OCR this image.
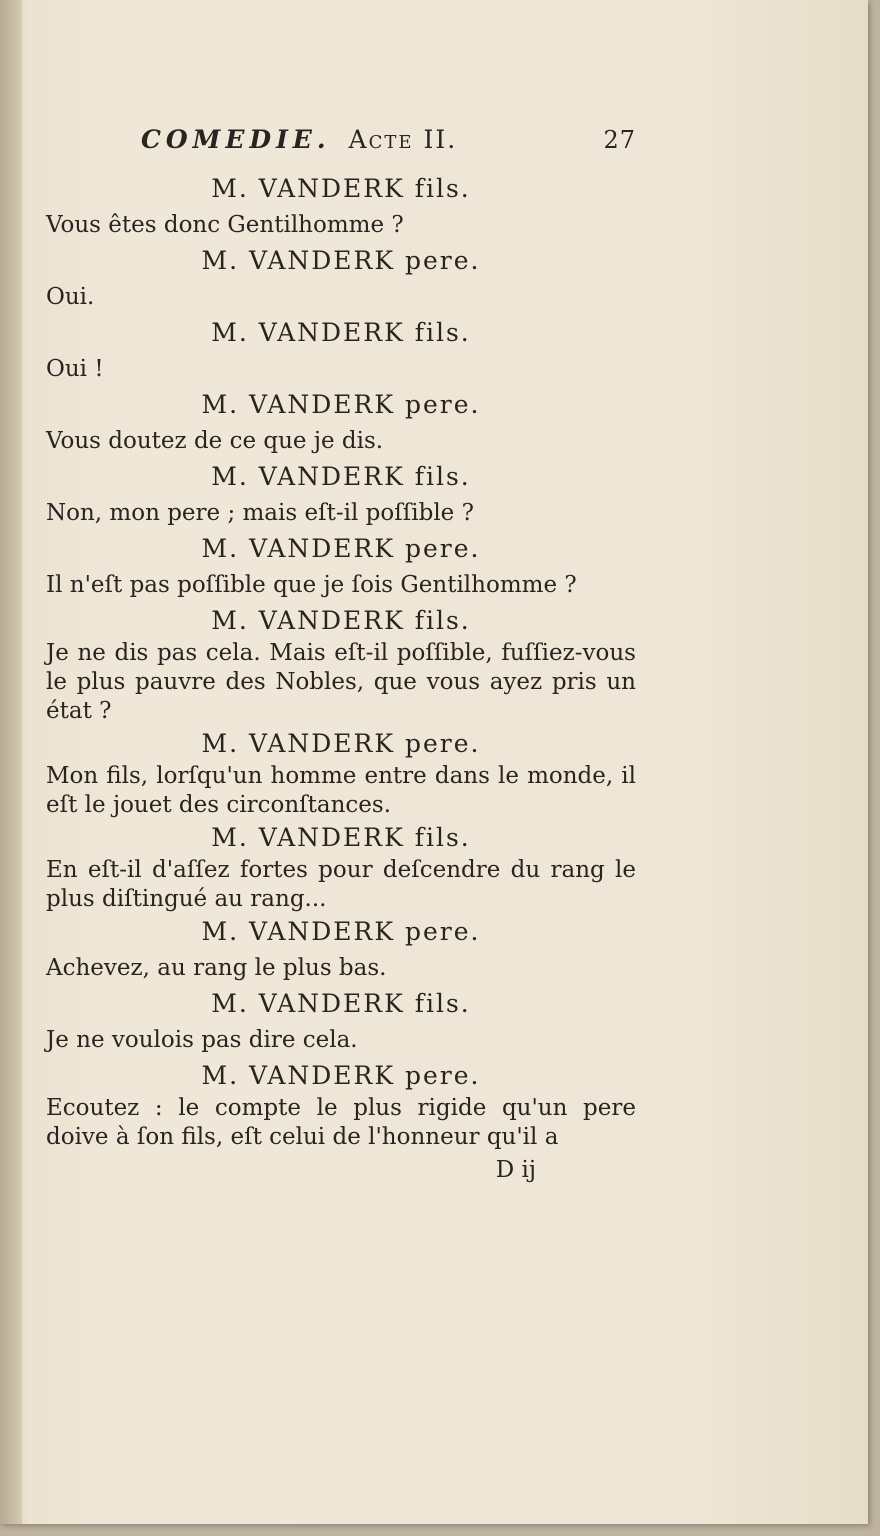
COMEDIE. Acte II.	27
M. VANDERK fils.
Vous êtes donc Gentilhomme ?
M. VANDERK pere.
Oui.
M. VANDERK fils.
Oui !
M. VANDERK pere.
Vous doutez de ce que je dis.
M. VANDERK fils.
Non, mon pere ; mais eſt-il poſſible ?
M. VANDERK pere.
Il n'eſt pas poſſible que je ſois Gentilhomme ?
M. VANDERK fils.
Je ne dis pas cela. Mais eſt-il poſſible, fuſſiez-vous le plus pauvre des Nobles, que vous ayez pris un état ?
M. VANDERK pere.
Mon fils, lorſqu'un homme entre dans le monde, il eſt le jouet des circonſtances.
M. VANDERK fils.
En eſt-il d'aſſez fortes pour deſcendre du rang le plus diſtingué au rang...
M. VANDERK pere.
Achevez, au rang le plus bas.
M. VANDERK fils.
Je ne voulois pas dire cela.
M. VANDERK pere.
Ecoutez : le compte le plus rigide qu'un pere doive à ſon fils, eſt celui de l'honneur qu'il a
D ij
